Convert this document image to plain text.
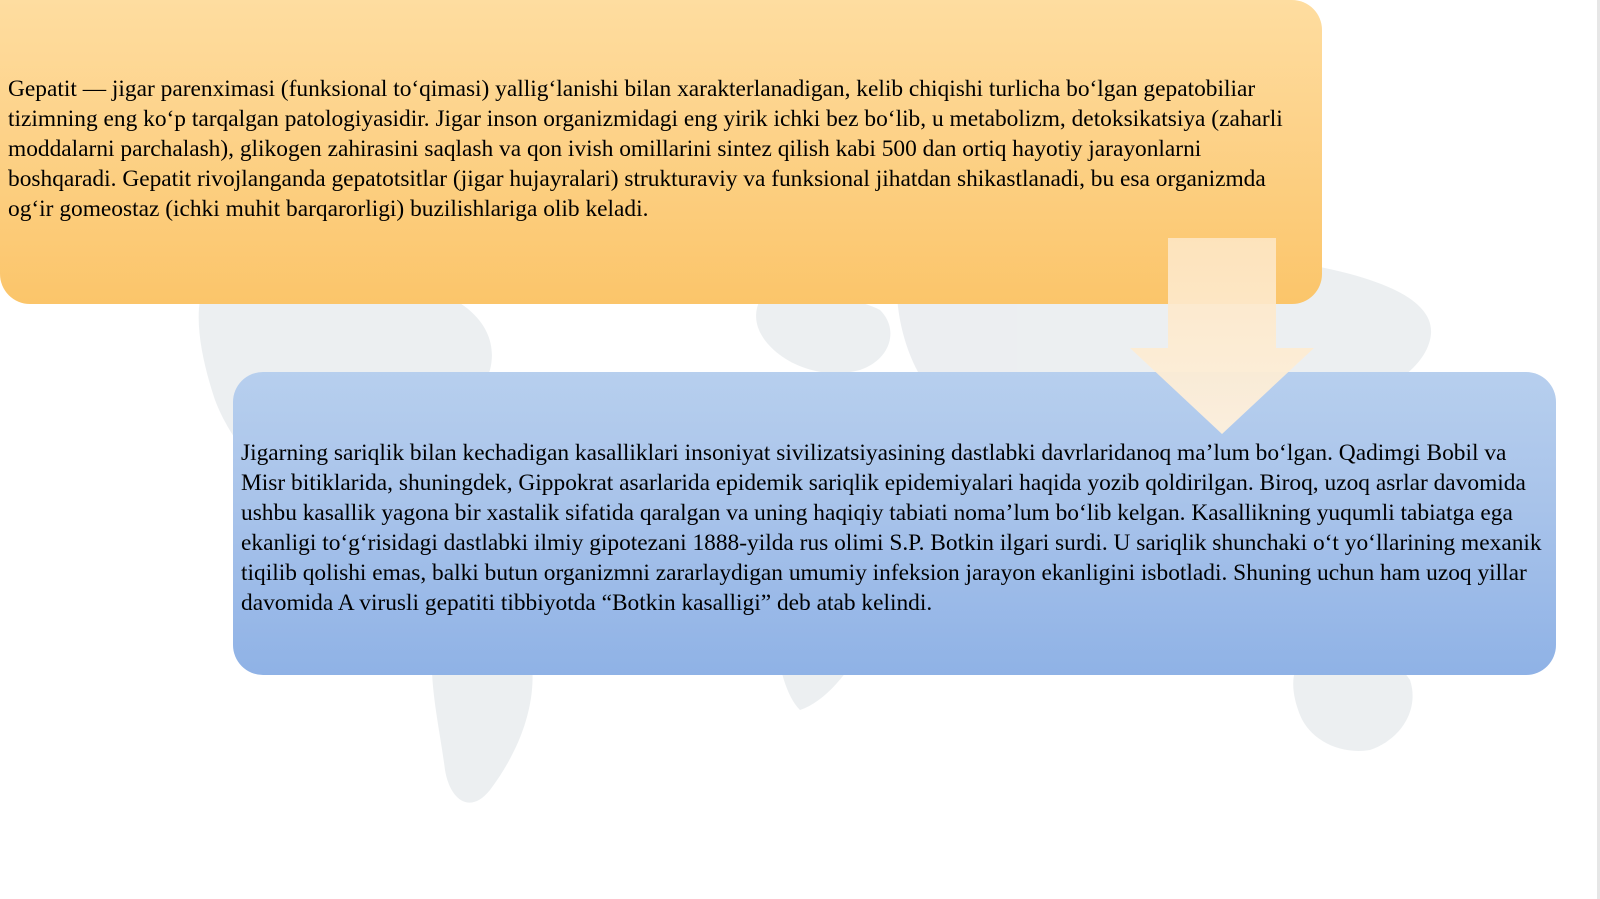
Gepatit — jigar parenximasi (funksional toʻqimasi) yalligʻlanishi bilan xarakterlanadigan, kelib chiqishi turlicha boʻlgan gepatobiliar tizimning eng koʻp tarqalgan patologiyasidir. Jigar inson organizmidagi eng yirik ichki bez boʻlib, u metabolizm, detoksikatsiya (zaharli moddalarni parchalash), glikogen zahirasini saqlash va qon ivish omillarini sintez qilish kabi 500 dan ortiq hayotiy jarayonlarni boshqaradi. Gepatit rivojlanganda gepatotsitlar (jigar hujayralari) strukturaviy va funksional jihatdan shikastlanadi, bu esa organizmda ogʻir gomeostaz (ichki muhit barqarorligi) buzilishlariga olib keladi.

Jigarning sariqlik bilan kechadigan kasalliklari insoniyat sivilizatsiyasining dastlabki davrlaridanoq ma’lum boʻlgan. Qadimgi Bobil va Misr bitiklarida, shuningdek, Gippokrat asarlarida epidemik sariqlik epidemiyalari haqida yozib qoldirilgan. Biroq, uzoq asrlar davomida ushbu kasallik yagona bir xastalik sifatida qaralgan va uning haqiqiy tabiati noma’lum boʻlib kelgan. Kasallikning yuqumli tabiatga ega ekanligi toʻgʻrisidagi dastlabki ilmiy gipotezani 1888-yilda rus olimi S.P. Botkin ilgari surdi. U sariqlik shunchaki oʻt yoʻllarining mexanik tiqilib qolishi emas, balki butun organizmni zararlaydigan umumiy infeksion jarayon ekanligini isbotladi. Shuning uchun ham uzoq yillar davomida A virusli gepatiti tibbiyotda “Botkin kasalligi” deb atab kelindi.
